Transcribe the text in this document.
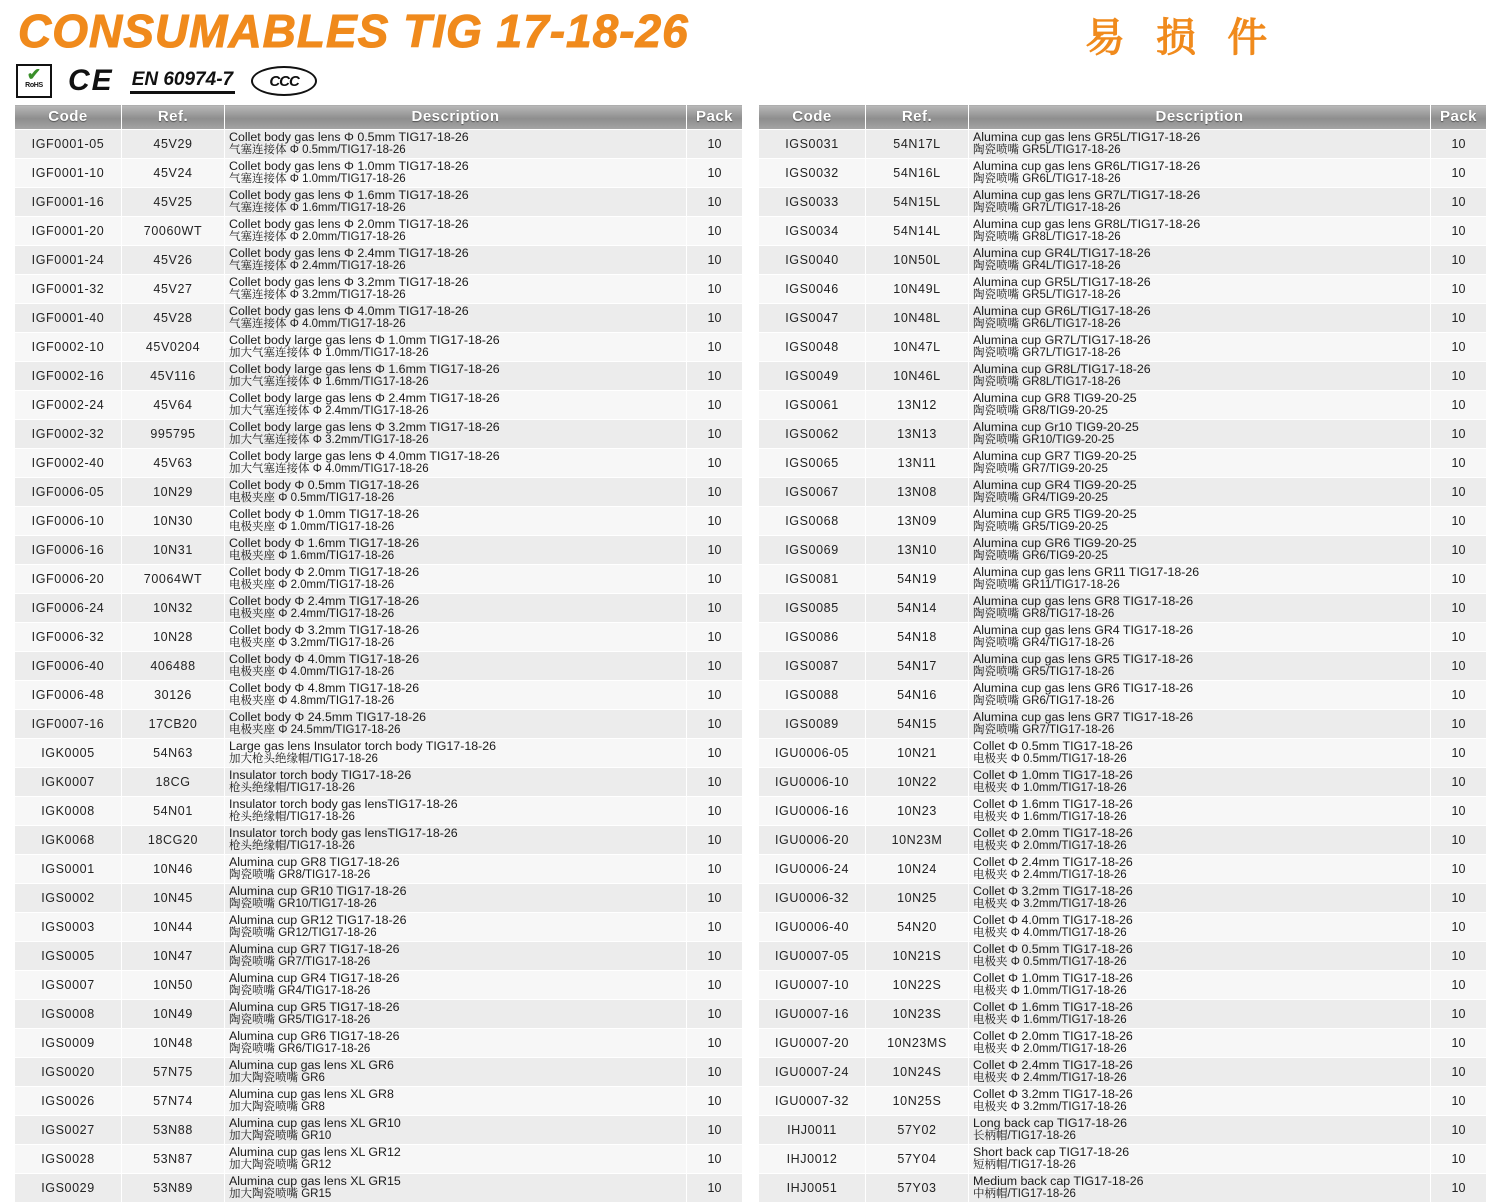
CONSUMABLES TIG 17-18-26	易 损 件
✔
RoHS CE EN 60974-7	CCC
Code	Ref.	Description	Pack
IGF0001-05	45V29	Collet body gas lens Φ 0.5mm TIG17-18-26
气塞连接体 Φ 0.5mm/TIG17-18-26	10
IGF0001-10	45V24	Collet body gas lens Φ 1.0mm TIG17-18-26
气塞连接体 Φ 1.0mm/TIG17-18-26	10
IGF0001-16	45V25	Collet body gas lens Φ 1.6mm TIG17-18-26
气塞连接体 Φ 1.6mm/TIG17-18-26	10
IGF0001-20	70060WT	Collet body gas lens Φ 2.0mm TIG17-18-26
气塞连接体 Φ 2.0mm/TIG17-18-26	10
IGF0001-24	45V26	Collet body gas lens Φ 2.4mm TIG17-18-26
气塞连接体 Φ 2.4mm/TIG17-18-26	10
IGF0001-32	45V27	Collet body gas lens Φ 3.2mm TIG17-18-26
气塞连接体 Φ 3.2mm/TIG17-18-26	10
IGF0001-40	45V28	Collet body gas lens Φ 4.0mm TIG17-18-26
气塞连接体 Φ 4.0mm/TIG17-18-26	10
IGF0002-10	45V0204	Collet body large gas lens Φ 1.0mm TIG17-18-26
加大气塞连接体 Φ 1.0mm/TIG17-18-26	10
IGF0002-16	45V116	Collet body large gas lens Φ 1.6mm TIG17-18-26
加大气塞连接体 Φ 1.6mm/TIG17-18-26	10
IGF0002-24	45V64	Collet body large gas lens Φ 2.4mm TIG17-18-26
加大气塞连接体 Φ 2.4mm/TIG17-18-26	10
IGF0002-32	995795	Collet body large gas lens Φ 3.2mm TIG17-18-26
加大气塞连接体 Φ 3.2mm/TIG17-18-26	10
IGF0002-40	45V63	Collet body large gas lens Φ 4.0mm TIG17-18-26
加大气塞连接体 Φ 4.0mm/TIG17-18-26	10
IGF0006-05	10N29	Collet body Φ 0.5mm TIG17-18-26
电极夹座 Φ 0.5mm/TIG17-18-26	10
IGF0006-10	10N30	Collet body Φ 1.0mm TIG17-18-26
电极夹座 Φ 1.0mm/TIG17-18-26	10
IGF0006-16	10N31	Collet body Φ 1.6mm TIG17-18-26
电极夹座 Φ 1.6mm/TIG17-18-26	10
IGF0006-20	70064WT	Collet body Φ 2.0mm TIG17-18-26
电极夹座 Φ 2.0mm/TIG17-18-26	10
IGF0006-24	10N32	Collet body Φ 2.4mm TIG17-18-26
电极夹座 Φ 2.4mm/TIG17-18-26	10
IGF0006-32	10N28	Collet body Φ 3.2mm TIG17-18-26
电极夹座 Φ 3.2mm/TIG17-18-26	10
IGF0006-40	406488	Collet body Φ 4.0mm TIG17-18-26
电极夹座 Φ 4.0mm/TIG17-18-26	10
IGF0006-48	30126	Collet body Φ 4.8mm TIG17-18-26
电极夹座 Φ 4.8mm/TIG17-18-26	10
IGF0007-16	17CB20	Collet body Φ 24.5mm TIG17-18-26
电极夹座 Φ 24.5mm/TIG17-18-26	10
IGK0005	54N63	Large gas lens Insulator torch body TIG17-18-26
加大枪头绝缘帽/TIG17-18-26	10
IGK0007	18CG	Insulator torch body TIG17-18-26
枪头绝缘帽/TIG17-18-26	10
IGK0008	54N01	Insulator torch body gas lensTIG17-18-26
枪头绝缘帽/TIG17-18-26	10
IGK0068	18CG20	Insulator torch body gas lensTIG17-18-26
枪头绝缘帽/TIG17-18-26	10
IGS0001	10N46	Alumina cup GR8 TIG17-18-26
陶瓷喷嘴 GR8/TIG17-18-26	10
IGS0002	10N45	Alumina cup GR10 TIG17-18-26
陶瓷喷嘴 GR10/TIG17-18-26	10
IGS0003	10N44	Alumina cup GR12 TIG17-18-26
陶瓷喷嘴 GR12/TIG17-18-26	10
IGS0005	10N47	Alumina cup GR7 TIG17-18-26
陶瓷喷嘴 GR7/TIG17-18-26	10
IGS0007	10N50	Alumina cup GR4 TIG17-18-26
陶瓷喷嘴 GR4/TIG17-18-26	10
IGS0008	10N49	Alumina cup GR5 TIG17-18-26
陶瓷喷嘴 GR5/TIG17-18-26	10
IGS0009	10N48	Alumina cup GR6 TIG17-18-26
陶瓷喷嘴 GR6/TIG17-18-26	10
IGS0020	57N75	Alumina cup gas lens XL GR6
加大陶瓷喷嘴 GR6	10
IGS0026	57N74	Alumina cup gas lens XL GR8
加大陶瓷喷嘴 GR8	10
IGS0027	53N88	Alumina cup gas lens XL GR10
加大陶瓷喷嘴 GR10	10
IGS0028	53N87	Alumina cup gas lens XL GR12
加大陶瓷喷嘴 GR12	10
IGS0029	53N89	Alumina cup gas lens XL GR15
加大陶瓷喷嘴 GR15	10
Code	Ref.	Description	Pack
IGS0031	54N17L	Alumina cup gas lens GR5L/TIG17-18-26
陶瓷喷嘴 GR5L/TIG17-18-26	10
IGS0032	54N16L	Alumina cup gas lens GR6L/TIG17-18-26
陶瓷喷嘴 GR6L/TIG17-18-26	10
IGS0033	54N15L	Alumina cup gas lens GR7L/TIG17-18-26
陶瓷喷嘴 GR7L/TIG17-18-26	10
IGS0034	54N14L	Alumina cup gas lens GR8L/TIG17-18-26
陶瓷喷嘴 GR8L/TIG17-18-26	10
IGS0040	10N50L	Alumina cup GR4L/TIG17-18-26
陶瓷喷嘴 GR4L/TIG17-18-26	10
IGS0046	10N49L	Alumina cup GR5L/TIG17-18-26
陶瓷喷嘴 GR5L/TIG17-18-26	10
IGS0047	10N48L	Alumina cup GR6L/TIG17-18-26
陶瓷喷嘴 GR6L/TIG17-18-26	10
IGS0048	10N47L	Alumina cup GR7L/TIG17-18-26
陶瓷喷嘴 GR7L/TIG17-18-26	10
IGS0049	10N46L	Alumina cup GR8L/TIG17-18-26
陶瓷喷嘴 GR8L/TIG17-18-26	10
IGS0061	13N12	Alumina cup GR8 TIG9-20-25
陶瓷喷嘴 GR8/TIG9-20-25	10
IGS0062	13N13	Alumina cup Gr10 TIG9-20-25
陶瓷喷嘴 GR10/TIG9-20-25	10
IGS0065	13N11	Alumina cup GR7 TIG9-20-25
陶瓷喷嘴 GR7/TIG9-20-25	10
IGS0067	13N08	Alumina cup GR4 TIG9-20-25
陶瓷喷嘴 GR4/TIG9-20-25	10
IGS0068	13N09	Alumina cup GR5 TIG9-20-25
陶瓷喷嘴 GR5/TIG9-20-25	10
IGS0069	13N10	Alumina cup GR6 TIG9-20-25
陶瓷喷嘴 GR6/TIG9-20-25	10
IGS0081	54N19	Alumina cup gas lens GR11 TIG17-18-26
陶瓷喷嘴 GR11/TIG17-18-26	10
IGS0085	54N14	Alumina cup gas lens GR8 TIG17-18-26
陶瓷喷嘴 GR8/TIG17-18-26	10
IGS0086	54N18	Alumina cup gas lens GR4 TIG17-18-26
陶瓷喷嘴 GR4/TIG17-18-26	10
IGS0087	54N17	Alumina cup gas lens GR5 TIG17-18-26
陶瓷喷嘴 GR5/TIG17-18-26	10
IGS0088	54N16	Alumina cup gas lens GR6 TIG17-18-26
陶瓷喷嘴 GR6/TIG17-18-26	10
IGS0089	54N15	Alumina cup gas lens GR7 TIG17-18-26
陶瓷喷嘴 GR7/TIG17-18-26	10
IGU0006-05	10N21	Collet Φ 0.5mm TIG17-18-26
电极夹 Φ 0.5mm/TIG17-18-26	10
IGU0006-10	10N22	Collet Φ 1.0mm TIG17-18-26
电极夹 Φ 1.0mm/TIG17-18-26	10
IGU0006-16	10N23	Collet Φ 1.6mm TIG17-18-26
电极夹 Φ 1.6mm/TIG17-18-26	10
IGU0006-20	10N23M	Collet Φ 2.0mm TIG17-18-26
电极夹 Φ 2.0mm/TIG17-18-26	10
IGU0006-24	10N24	Collet Φ 2.4mm TIG17-18-26
电极夹 Φ 2.4mm/TIG17-18-26	10
IGU0006-32	10N25	Collet Φ 3.2mm TIG17-18-26
电极夹 Φ 3.2mm/TIG17-18-26	10
IGU0006-40	54N20	Collet Φ 4.0mm TIG17-18-26
电极夹 Φ 4.0mm/TIG17-18-26	10
IGU0007-05	10N21S	Collet Φ 0.5mm TIG17-18-26
电极夹 Φ 0.5mm/TIG17-18-26	10
IGU0007-10	10N22S	Collet Φ 1.0mm TIG17-18-26
电极夹 Φ 1.0mm/TIG17-18-26	10
IGU0007-16	10N23S	Collet Φ 1.6mm TIG17-18-26
电极夹 Φ 1.6mm/TIG17-18-26	10
IGU0007-20	10N23MS	Collet Φ 2.0mm TIG17-18-26
电极夹 Φ 2.0mm/TIG17-18-26	10
IGU0007-24	10N24S	Collet Φ 2.4mm TIG17-18-26
电极夹 Φ 2.4mm/TIG17-18-26	10
IGU0007-32	10N25S	Collet Φ 3.2mm TIG17-18-26
电极夹 Φ 3.2mm/TIG17-18-26	10
IHJ0011	57Y02	Long back cap TIG17-18-26
长柄帽/TIG17-18-26	10
IHJ0012	57Y04	Short back cap TIG17-18-26
短柄帽/TIG17-18-26	10
IHJ0051	57Y03	Medium back cap TIG17-18-26
中柄帽/TIG17-18-26	10
